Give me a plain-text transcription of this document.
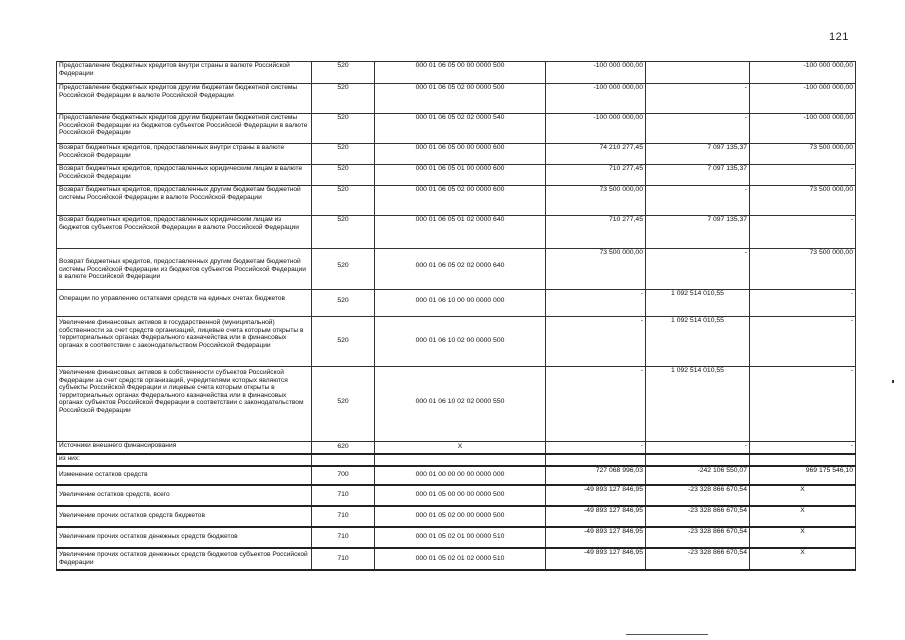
121
Предоставление бюджетных кредитов внутри страны в валюте Российской Федерации	520	000 01 06 05 00 00 0000 500	-100 000 000,00		-100 000 000,00
Предоставление бюджетных кредитов другим бюджетам бюджетной системы Российской Федерации в валюте Российской Федерации	520	000 01 06 05 02 00 0000 500	-100 000 000,00	-	-100 000 000,00
Предоставление бюджетных кредитов другим бюджетам бюджетной системы Российской Федерации из бюджетов субъектов Российской Федерации в валюте Российской Федерации	520	000 01 06 05 02 02 0000 540	-100 000 000,00	-	-100 000 000,00
Возврат бюджетных кредитов, предоставленных внутри страны в валюте Российской Федерации	520	000 01 06 05 00 00 0000 600	74 210 277,45	7 097 135,37	73 500 000,00
Возврат бюджетных кредитов, предоставленных юридическим лицам в валюте Российской Федерации	520	000 01 06 05 01 00 0000 600	710 277,45	7 097 135,37	-
Возврат бюджетных кредитов, предоставленных другим бюджетам бюджетной системы Российской Федерации в валюте Российской Федерации	520	000 01 06 05 02 00 0000 600	73 500 000,00	-	73 500 000,00
Возврат бюджетных кредитов, предоставленных юридическим лицам из бюджетов субъектов Российской Федерации в валюте Российской Федерации	520	000 01 06 05 01 02 0000 640	710 277,45	7 097 135,37	-
Возврат бюджетных кредитов, предоставленных другим бюджетам бюджетной системы Российской Федерации из бюджетов субъектов Российской Федерации в валюте Российской Федерации	520	000 01 06 05 02 02 0000 640	73 500 000,00	-	73 500 000,00
Операции по управлению остатками средств на единых счетах бюджетов	520	000 01 06 10 00 00 0000 000	-	1 092 514 010,55	-
Увеличение финансовых активов в государственной (муниципальной) собственности за счет средств организаций, лицевые счета которым открыты в территориальных органах Федерального казначейства или в финансовых органах в соответствии с законодательством Российской Федерации	520	000 01 06 10 02 00 0000 500	-	1 092 514 010,55	-
Увеличение финансовых активов в собственности субъектов Российской Федерации за счет средств организаций, учредителями которых являются субъекты Российской Федерации и лицевые счета которым открыты в территориальных органах Федерального казначейства или в финансовых органах субъектов Российской Федерации в соответствии с законодательством Российской Федерации	520	000 01 06 10 02 02 0000 550	-	1 092 514 010,55	-
Источники внешнего финансирования	620	X	-	-	-
из них:					
Изменение остатков средств	700	000 01 00 00 00 00 0000 000	727 068 996,03	-242 106 550,07	969 175 546,10
Увеличение остатков средств, всего	710	000 01 05 00 00 00 0000 500	-49 893 127 846,95	-23 328 866 670,54	X
Увеличение прочих остатков средств бюджетов	710	000 01 05 02 00 00 0000 500	-49 893 127 846,95	-23 328 866 670,54	X
Увеличение прочих остатков денежных средств бюджетов	710	000 01 05 02 01 00 0000 510	-49 893 127 846,95	-23 328 866 670,54	X
Увеличение прочих остатков денежных средств бюджетов субъектов Российской Федерации	710	000 01 05 02 01 02 0000 510	-49 893 127 846,95	-23 328 866 670,54	X
